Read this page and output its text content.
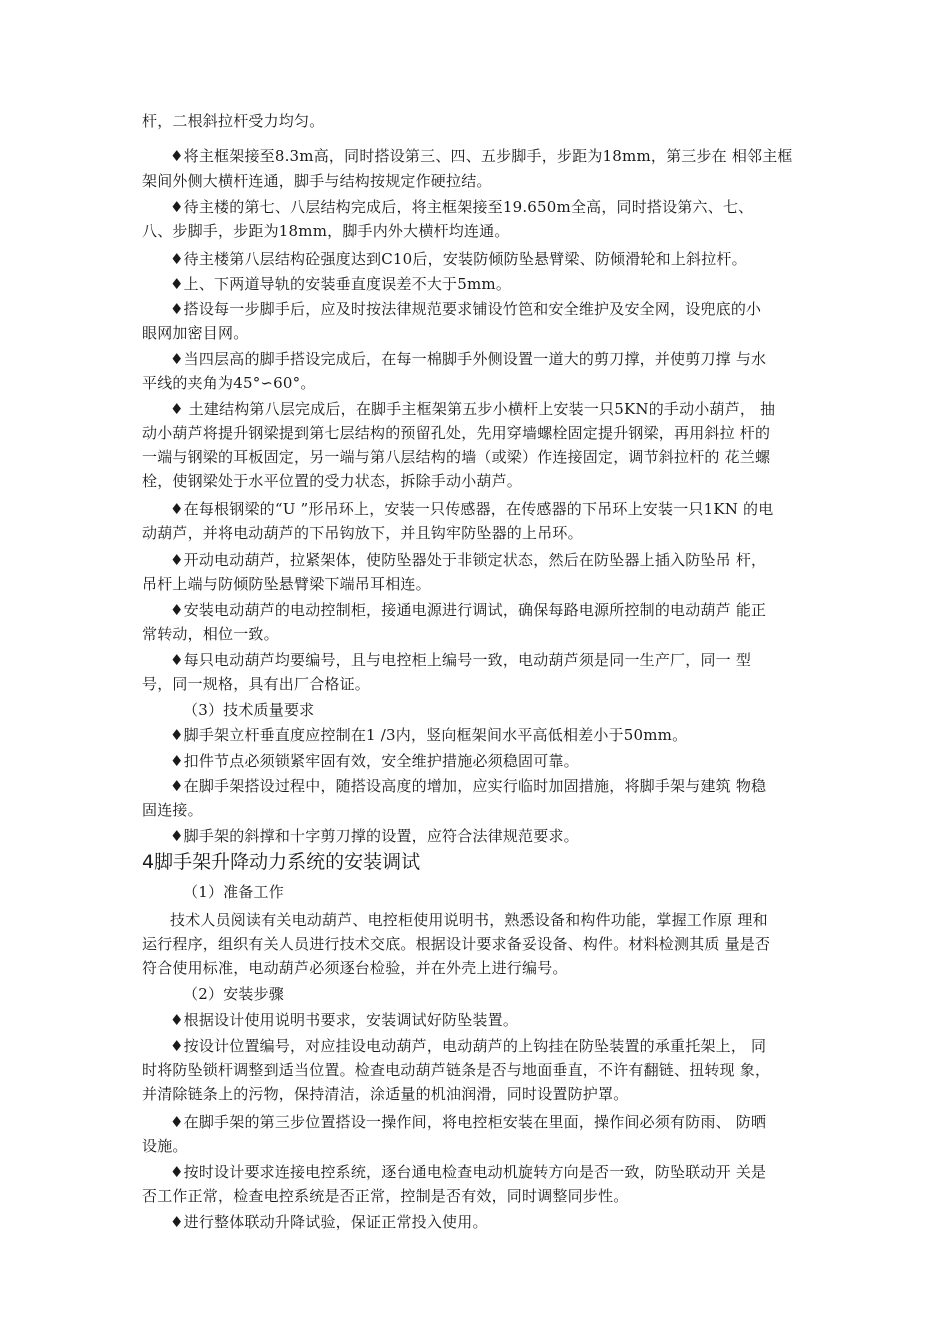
杆，二根斜拉杆受力均匀。
♦将主框架接至8.3m高，同时搭设第三、四、五步脚手，步距为18mm，第三步在 相邻主框
架间外侧大横杆连通，脚手与结构按规定作硬拉结。
♦待主楼的第七、八层结构完成后，将主框架接至19.650m全高，同时搭设第六、七、
八、步脚手，步距为18mm，脚手内外大横杆均连通。
♦待主楼第八层结构砼强度达到C10后，安装防倾防坠悬臂梁、防倾滑轮和上斜拉杆。
♦上、下两道导轨的安装垂直度误差不大于5mm。
♦搭设每一步脚手后，应及时按法律规范要求铺设竹笆和安全维护及安全网，设兜底的小
眼网加密目网。
♦当四层高的脚手搭设完成后，在每一棉脚手外侧设置一道大的剪刀撑，并使剪刀撑 与水
平线的夹角为45°∽60°。
♦ 土建结构第八层完成后，在脚手主框架第五步小横杆上安装一只5KN的手动小葫芦， 抽
动小葫芦将提升钢梁提到第七层结构的预留孔处，先用穿墙螺栓固定提升钢梁，再用斜拉 杆的
一端与钢梁的耳板固定，另一端与第八层结构的墙（或梁）作连接固定，调节斜拉杆的 花兰螺
栓，使钢梁处于水平位置的受力状态，拆除手动小葫芦。
♦在每根钢梁的“U ”形吊环上，安装一只传感器，在传感器的下吊环上安装一只1KN 的电
动葫芦，并将电动葫芦的下吊钩放下，并且钩牢防坠器的上吊环。
♦开动电动葫芦，拉紧架体，使防坠器处于非锁定状态，然后在防坠器上插入防坠吊 杆，
吊杆上端与防倾防坠悬臂梁下端吊耳相连。
♦安装电动葫芦的电动控制柜，接通电源进行调试，确保每路电源所控制的电动葫芦 能正
常转动，相位一致。
♦每只电动葫芦均要编号，且与电控柜上编号一致，电动葫芦须是同一生产厂，同一 型
号，同一规格，具有出厂合格证。
（3）技术质量要求
♦脚手架立杆垂直度应控制在1 /3内，竖向框架间水平高低相差小于50mm。
♦扣件节点必须锁紧牢固有效，安全维护措施必须稳固可靠。
♦在脚手架搭设过程中，随搭设高度的增加，应实行临时加固措施，将脚手架与建筑 物稳
固连接。
♦脚手架的斜撑和十字剪刀撑的设置，应符合法律规范要求。
4脚手架升降动力系统的安装调试
（1）准备工作
技术人员阅读有关电动葫芦、电控柜使用说明书，熟悉设备和构件功能，掌握工作原 理和
运行程序，组织有关人员进行技术交底。根据设计要求备妥设备、构件。材料检测其质 量是否
符合使用标准，电动葫芦必须逐台检验，并在外壳上进行编号。
（2）安装步骤
♦根据设计使用说明书要求，安装调试好防坠装置。
♦按设计位置编号，对应挂设电动葫芦，电动葫芦的上钩挂在防坠装置的承重托架上， 同
时将防坠锁杆调整到适当位置。检查电动葫芦链条是否与地面垂直，不许有翻链、扭转现 象，
并清除链条上的污物，保持清洁，涂适量的机油润滑，同时设置防护罩。
♦在脚手架的第三步位置搭设一操作间，将电控柜安装在里面，操作间必须有防雨、 防晒
设施。
♦按时设计要求连接电控系统，逐台通电检查电动机旋转方向是否一致，防坠联动开 关是
否工作正常，检查电控系统是否正常，控制是否有效，同时调整同步性。
♦进行整体联动升降试验，保证正常投入使用。
